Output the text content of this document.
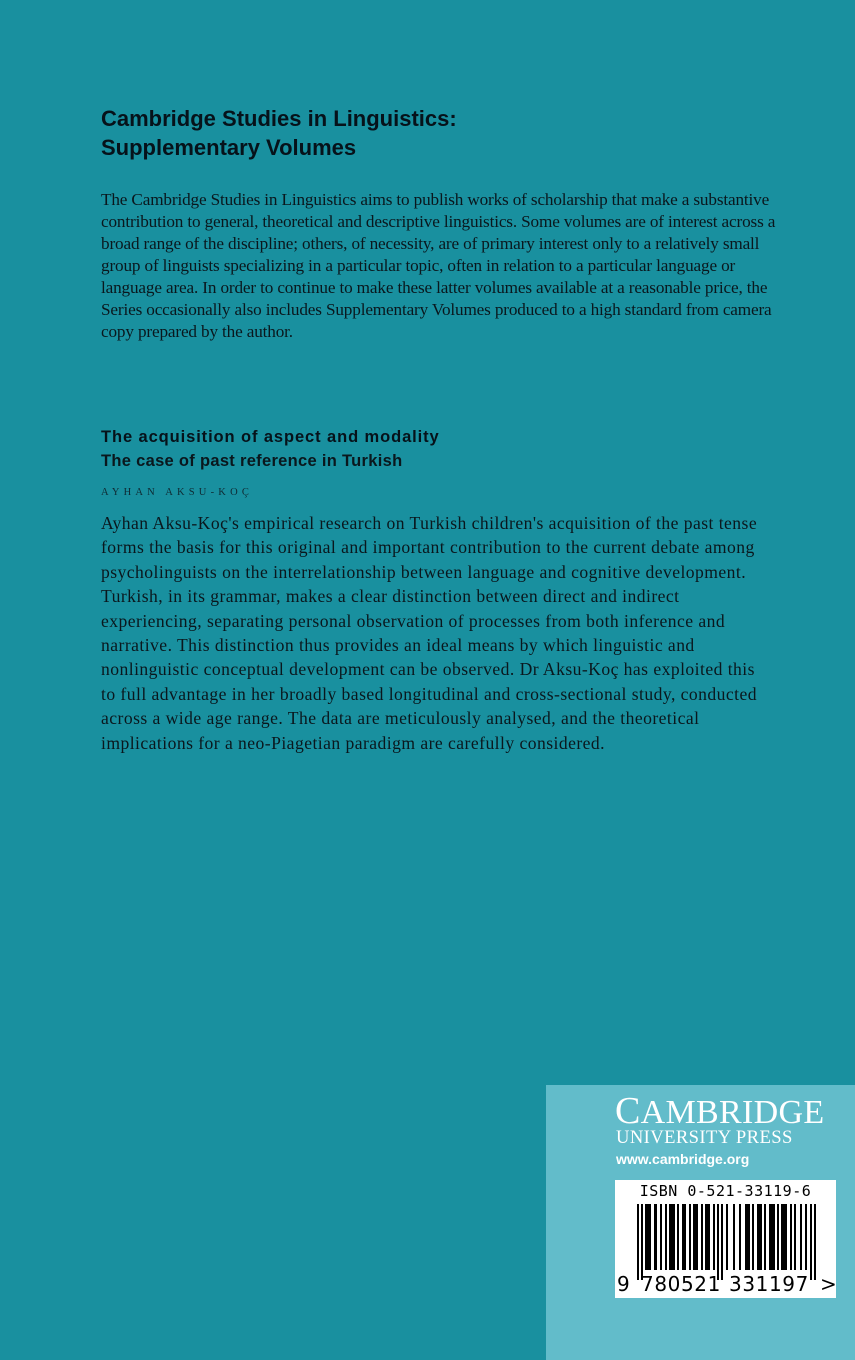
Cambridge Studies in Linguistics:
Supplementary Volumes

The Cambridge Studies in Linguistics aims to publish works of scholarship that make a substantive contribution to general, theoretical and descriptive linguistics. Some volumes are of interest across a broad range of the discipline; others, of necessity, are of primary interest only to a relatively small group of linguists specializing in a particular topic, often in relation to a particular language or language area. In order to continue to make these latter volumes available at a reasonable price, the Series occasionally also includes Supplementary Volumes produced to a high standard from camera copy prepared by the author.

The acquisition of aspect and modality
The case of past reference in Turkish
AYHAN AKSU-KOÇ

Ayhan Aksu-Koç's empirical research on Turkish children's acquisition of the past tense forms the basis for this original and important contribution to the current debate among psycholinguists on the interrelationship between language and cognitive development. Turkish, in its grammar, makes a clear distinction between direct and indirect experiencing, separating personal observation of processes from both inference and narrative. This distinction thus provides an ideal means by which linguistic and nonlinguistic conceptual development can be observed. Dr Aksu-Koç has exploited this to full advantage in her broadly based longitudinal and cross-sectional study, conducted across a wide age range. The data are meticulously analysed, and the theoretical implications for a neo-Piagetian paradigm are carefully considered.

CAMBRIDGE
UNIVERSITY PRESS
www.cambridge.org
ISBN 0-521-33119-6
9 780521 331197 >
